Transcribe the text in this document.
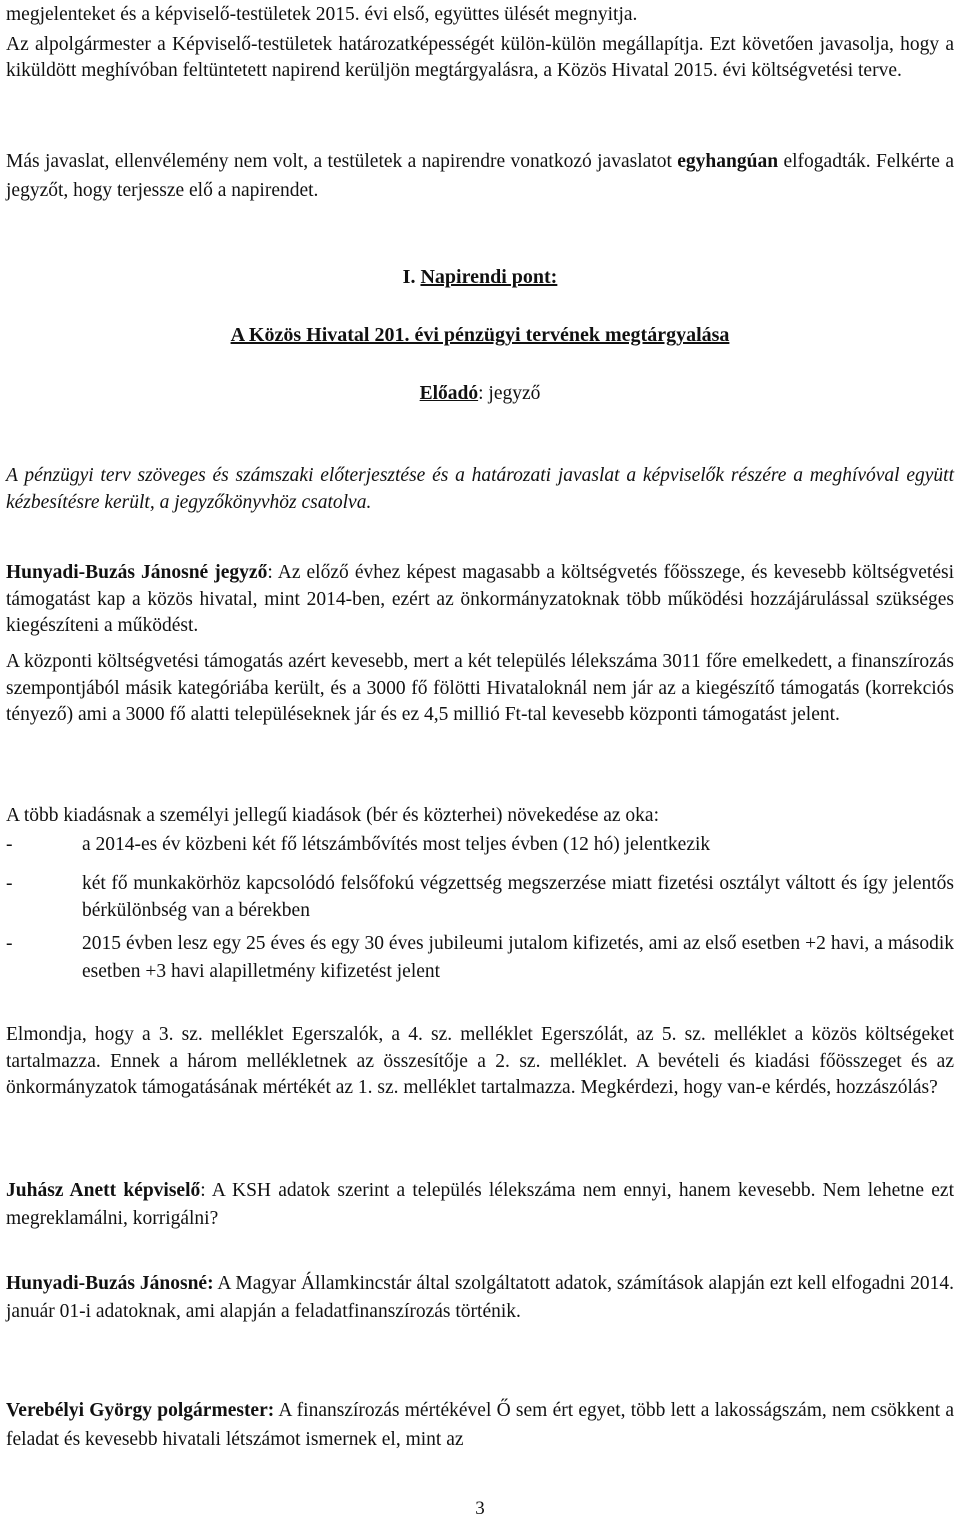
megjelenteket és a képviselő-testületek 2015. évi első, együttes ülését megnyitja.

Az alpolgármester a Képviselő-testületek határozatképességét külön-külön megállapítja. Ezt követően javasolja, hogy a kiküldött meghívóban feltüntetett napirend kerüljön megtárgyalásra, a Közös Hivatal 2015. évi költségvetési terve.

Más javaslat, ellenvélemény nem volt, a testületek a napirendre vonatkozó javaslatot egyhangúan elfogadták. Felkérte a jegyzőt, hogy terjessze elő a napirendet.

I. Napirendi pont:

A Közös Hivatal 201. évi pénzügyi tervének megtárgyalása

Előadó: jegyző

A pénzügyi terv szöveges és számszaki előterjesztése és a határozati javaslat a képviselők részére a meghívóval együtt kézbesítésre került, a jegyzőkönyvhöz csatolva.

Hunyadi-Buzás Jánosné jegyző: Az előző évhez képest magasabb a költségvetés főösszege, és kevesebb költségvetési támogatást kap a közös hivatal, mint 2014-ben, ezért az önkormányzatoknak több működési hozzájárulással szükséges kiegészíteni a működést.

A központi költségvetési támogatás azért kevesebb, mert a két település lélekszáma 3011 főre emelkedett, a finanszírozás szempontjából másik kategóriába került, és a 3000 fő fölötti Hivataloknál nem jár az a kiegészítő támogatás (korrekciós tényező) ami a 3000 fő alatti településeknek jár és ez 4,5 millió Ft-tal kevesebb központi támogatást jelent.

A több kiadásnak a személyi jellegű kiadások (bér és közterhei) növekedése az oka:

-	a 2014-es év közbeni két fő létszámbővítés most teljes évben (12 hó) jelentkezik
-	két fő munkakörhöz kapcsolódó felsőfokú végzettség megszerzése miatt fizetési osztályt váltott és így jelentős bérkülönbség van a bérekben
-	2015 évben lesz egy 25 éves és egy 30 éves jubileumi jutalom kifizetés, ami az első esetben +2 havi, a második esetben +3 havi alapilletmény kifizetést jelent

Elmondja, hogy a 3. sz. melléklet Egerszalók, a 4. sz. melléklet Egerszólát, az 5. sz. melléklet a közös költségeket tartalmazza. Ennek a három mellékletnek az összesítője a 2. sz. melléklet. A bevételi és kiadási főösszeget és az önkormányzatok támogatásának mértékét az 1. sz. melléklet tartalmazza. Megkérdezi, hogy van-e kérdés, hozzászólás?

Juhász Anett képviselő: A KSH adatok szerint a település lélekszáma nem ennyi, hanem kevesebb. Nem lehetne ezt megreklamálni, korrigálni?

Hunyadi-Buzás Jánosné: A Magyar Államkincstár által szolgáltatott adatok, számítások alapján ezt kell elfogadni 2014. január 01-i adatoknak, ami alapján a feladatfinanszírozás történik.

Verebélyi György polgármester: A finanszírozás mértékével Ő sem ért egyet, több lett a lakosságszám, nem csökkent a feladat és kevesebb hivatali létszámot ismernek el, mint az

3
